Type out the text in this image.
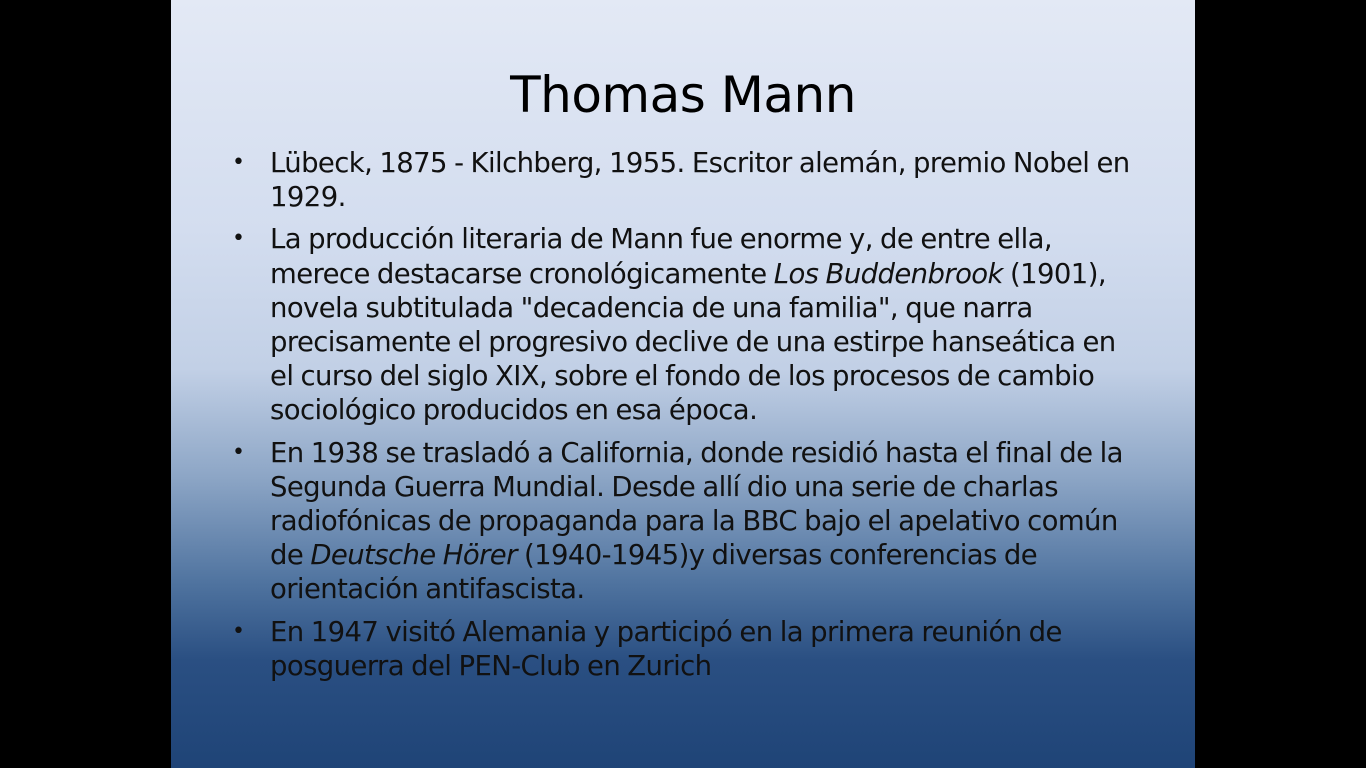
Thomas Mann
• Lübeck, 1875 - Kilchberg, 1955. Escritor alemán, premio Nobel en 1929.
• La producción literaria de Mann fue enorme y, de entre ella, merece destacarse cronológicamente Los Buddenbrook (1901), novela subtitulada "decadencia de una familia", que narra precisamente el progresivo declive de una estirpe hanseática en el curso del siglo XIX, sobre el fondo de los procesos de cambio sociológico producidos en esa época.
• En 1938 se trasladó a California, donde residió hasta el final de la Segunda Guerra Mundial. Desde allí dio una serie de charlas radiofónicas de propaganda para la BBC bajo el apelativo común de Deutsche Hörer (1940-1945)y diversas conferencias de orientación antifascista.
• En 1947 visitó Alemania y participó en la primera reunión de posguerra del PEN-Club en Zurich
